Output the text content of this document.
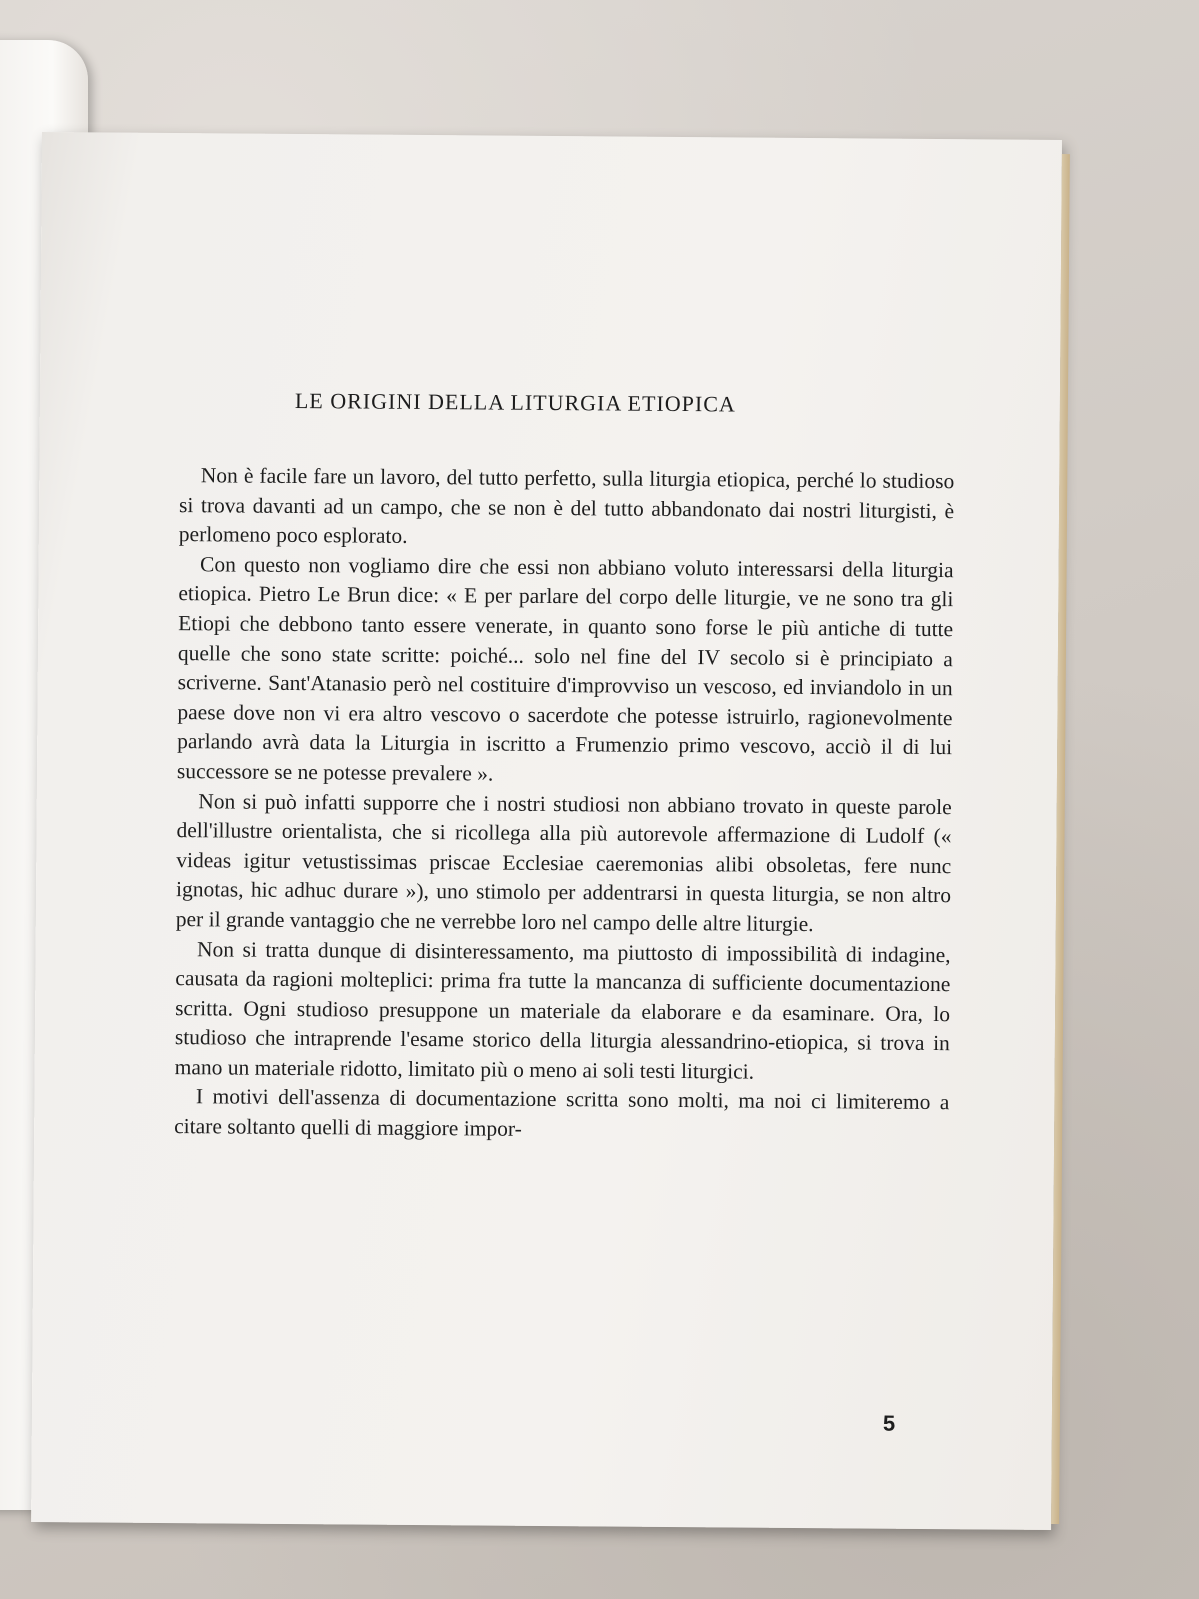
LE ORIGINI DELLA LITURGIA ETIOPICA

Non è facile fare un lavoro, del tutto perfetto, sulla liturgia etiopica, perché lo studioso si trova davanti ad un campo, che se non è del tutto abbandonato dai nostri liturgisti, è perlomeno poco esplorato.

Con questo non vogliamo dire che essi non abbiano voluto interessarsi della liturgia etiopica. Pietro Le Brun dice: « E per parlare del corpo delle liturgie, ve ne sono tra gli Etiopi che debbono tanto essere venerate, in quanto sono forse le più antiche di tutte quelle che sono state scritte: poiché... solo nel fine del IV secolo si è principiato a scriverne. Sant'Atanasio però nel costituire d'improvviso un vescoso, ed inviandolo in un paese dove non vi era altro vescovo o sacerdote che potesse istruirlo, ragionevolmente parlando avrà data la Liturgia in iscritto a Frumenzio primo vescovo, acciò il di lui successore se ne potesse prevalere ».

Non si può infatti supporre che i nostri studiosi non abbiano trovato in queste parole dell'illustre orientalista, che si ricollega alla più autorevole affermazione di Ludolf (« videas igitur vetustissimas priscae Ecclesiae caeremonias alibi obsoletas, fere nunc ignotas, hic adhuc durare »), uno stimolo per addentrarsi in questa liturgia, se non altro per il grande vantaggio che ne verrebbe loro nel campo delle altre liturgie.

Non si tratta dunque di disinteressamento, ma piuttosto di impossibilità di indagine, causata da ragioni molteplici: prima fra tutte la mancanza di sufficiente documentazione scritta. Ogni studioso presuppone un materiale da elaborare e da esaminare. Ora, lo studioso che intraprende l'esame storico della liturgia alessandrino-etiopica, si trova in mano un materiale ridotto, limitato più o meno ai soli testi liturgici.

I motivi dell'assenza di documentazione scritta sono molti, ma noi ci limiteremo a citare soltanto quelli di maggiore impor-

5
